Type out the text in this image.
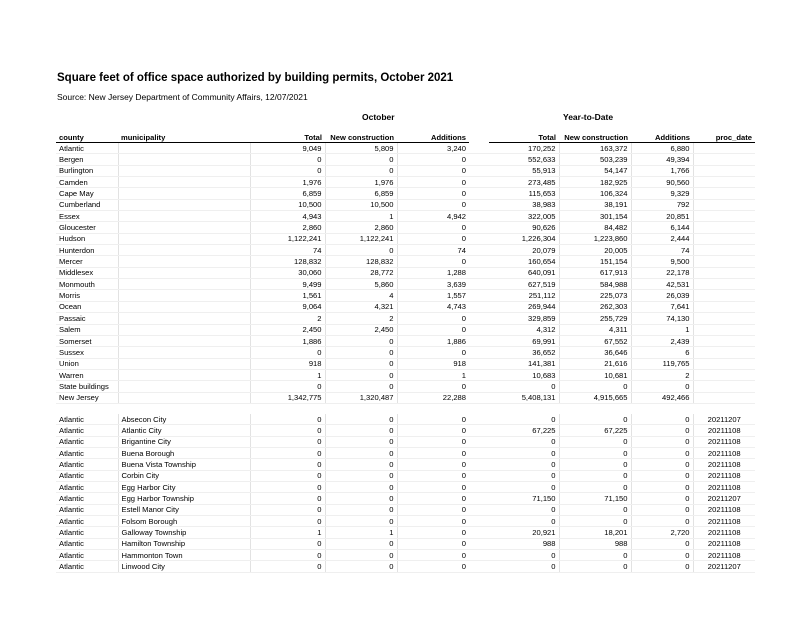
Square feet of office space authorized by building permits, October 2021
Source: New Jersey Department of Community Affairs, 12/07/2021
October	Year-to-Date
county	municipality	Total	New construction	Additions		Total	New construction	Additions	proc_date
Atlantic		9,049	5,809	3,240		170,252	163,372	6,880	
Bergen		0	0	0		552,633	503,239	49,394	
Burlington		0	0	0		55,913	54,147	1,766	
Camden		1,976	1,976	0		273,485	182,925	90,560	
Cape May		6,859	6,859	0		115,653	106,324	9,329	
Cumberland		10,500	10,500	0		38,983	38,191	792	
Essex		4,943	1	4,942		322,005	301,154	20,851	
Gloucester		2,860	2,860	0		90,626	84,482	6,144	
Hudson		1,122,241	1,122,241	0		1,226,304	1,223,860	2,444	
Hunterdon		74	0	74		20,079	20,005	74	
Mercer		128,832	128,832	0		160,654	151,154	9,500	
Middlesex		30,060	28,772	1,288		640,091	617,913	22,178	
Monmouth		9,499	5,860	3,639		627,519	584,988	42,531	
Morris		1,561	4	1,557		251,112	225,073	26,039	
Ocean		9,064	4,321	4,743		269,944	262,303	7,641	
Passaic		2	2	0		329,859	255,729	74,130	
Salem		2,450	2,450	0		4,312	4,311	1	
Somerset		1,886	0	1,886		69,991	67,552	2,439	
Sussex		0	0	0		36,652	36,646	6	
Union		918	0	918		141,381	21,616	119,765	
Warren		1	0	1		10,683	10,681	2	
State buildings		0	0	0		0	0	0	
New Jersey		1,342,775	1,320,487	22,288		5,408,131	4,915,665	492,466	

Atlantic	Absecon City	0	0	0		0	0	0	20211207
Atlantic	Atlantic City	0	0	0		67,225	67,225	0	20211108
Atlantic	Brigantine City	0	0	0		0	0	0	20211108
Atlantic	Buena Borough	0	0	0		0	0	0	20211108
Atlantic	Buena Vista Township	0	0	0		0	0	0	20211108
Atlantic	Corbin City	0	0	0		0	0	0	20211108
Atlantic	Egg Harbor City	0	0	0		0	0	0	20211108
Atlantic	Egg Harbor Township	0	0	0		71,150	71,150	0	20211207
Atlantic	Estell Manor City	0	0	0		0	0	0	20211108
Atlantic	Folsom Borough	0	0	0		0	0	0	20211108
Atlantic	Galloway Township	1	1	0		20,921	18,201	2,720	20211108
Atlantic	Hamilton Township	0	0	0		988	988	0	20211108
Atlantic	Hammonton Town	0	0	0		0	0	0	20211108
Atlantic	Linwood City	0	0	0		0	0	0	20211207
